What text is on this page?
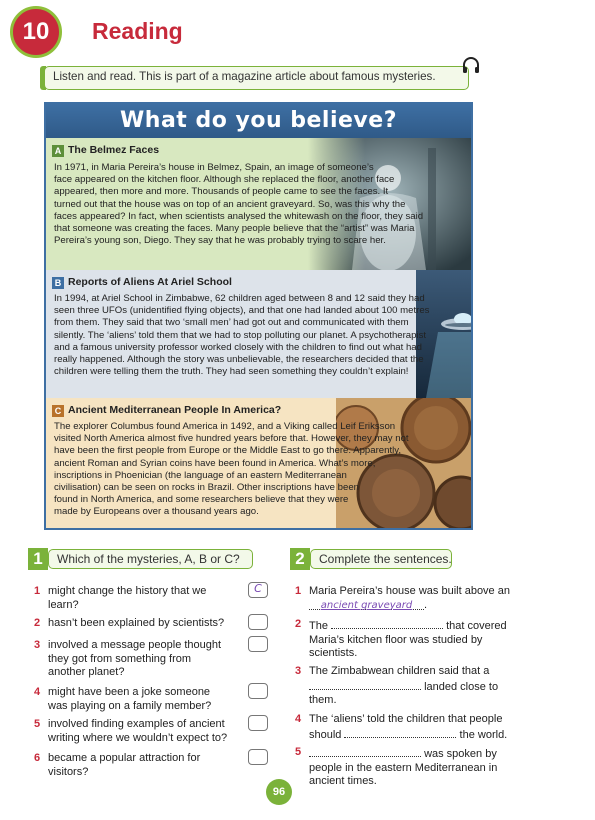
10	Reading
Listen and read. This is part of a magazine article about famous mysteries.
What do you believe?
A The Belmez Faces
In 1971, in Maria Pereira’s house in Belmez, Spain, an image of someone’s
face appeared on the kitchen floor. Although she replaced the floor, another face
appeared, then more and more. Thousands of people came to see the faces. It
turned out that the house was on top of an ancient graveyard. So, was this why the
faces appeared? In fact, when scientists analysed the whitewash on the floor, they said
that someone was creating the faces. Many people believe that the “artist” was Maria
Pereira’s young son, Diego. They say that he was probably trying to scare her.
B Reports of Aliens At Ariel School
In 1994, at Ariel School in Zimbabwe, 62 children aged between 8 and 12 said they had
seen three UFOs (unidentified flying objects), and that one had landed about 100 metres
from them. They said that two ‘small men’ had got out and communicated with them
silently. The ‘aliens’ told them that we had to stop polluting our planet. A psychotherapist
and a famous university professor worked closely with the children to find out what had
really happened. Although the story was unbelievable, the researchers decided that the
children were telling them the truth. They had seen something they couldn’t explain!
C Ancient Mediterranean People In America?
The explorer Columbus found America in 1492, and a Viking called Leif Eriksson
visited North America almost five hundred years before that. However, they may not
have been the first people from Europe or the Middle East to go there. Apparently,
ancient Roman and Syrian coins have been found in America. What’s more,
inscriptions in Phoenician (the language of an eastern Mediterranean
civilisation) can be seen on rocks in Brazil. Other inscriptions have been
found in North America, and some researchers believe that they were
made by Europeans over a thousand years ago.
1	Which of the mysteries, A, B or C?
1 might change the history that we
learn?
C
2 hasn’t been explained by scientists?
3 involved a message people thought
they got from something from
another planet?
4 might have been a joke someone
was playing on a family member?
5 involved finding examples of ancient
writing where we wouldn’t expect to?
6 became a popular attraction for
visitors?
2	Complete the sentences.
1 Maria Pereira’s house was built above an
ancient graveyard .
2 The	that covered
Maria’s kitchen floor was studied by
scientists.
3 The Zimbabwean children said that a
landed close to
them.
4 The ‘aliens’ told the children that people
should	the world.
5	was spoken by
people in the eastern Mediterranean in
ancient times.
96
